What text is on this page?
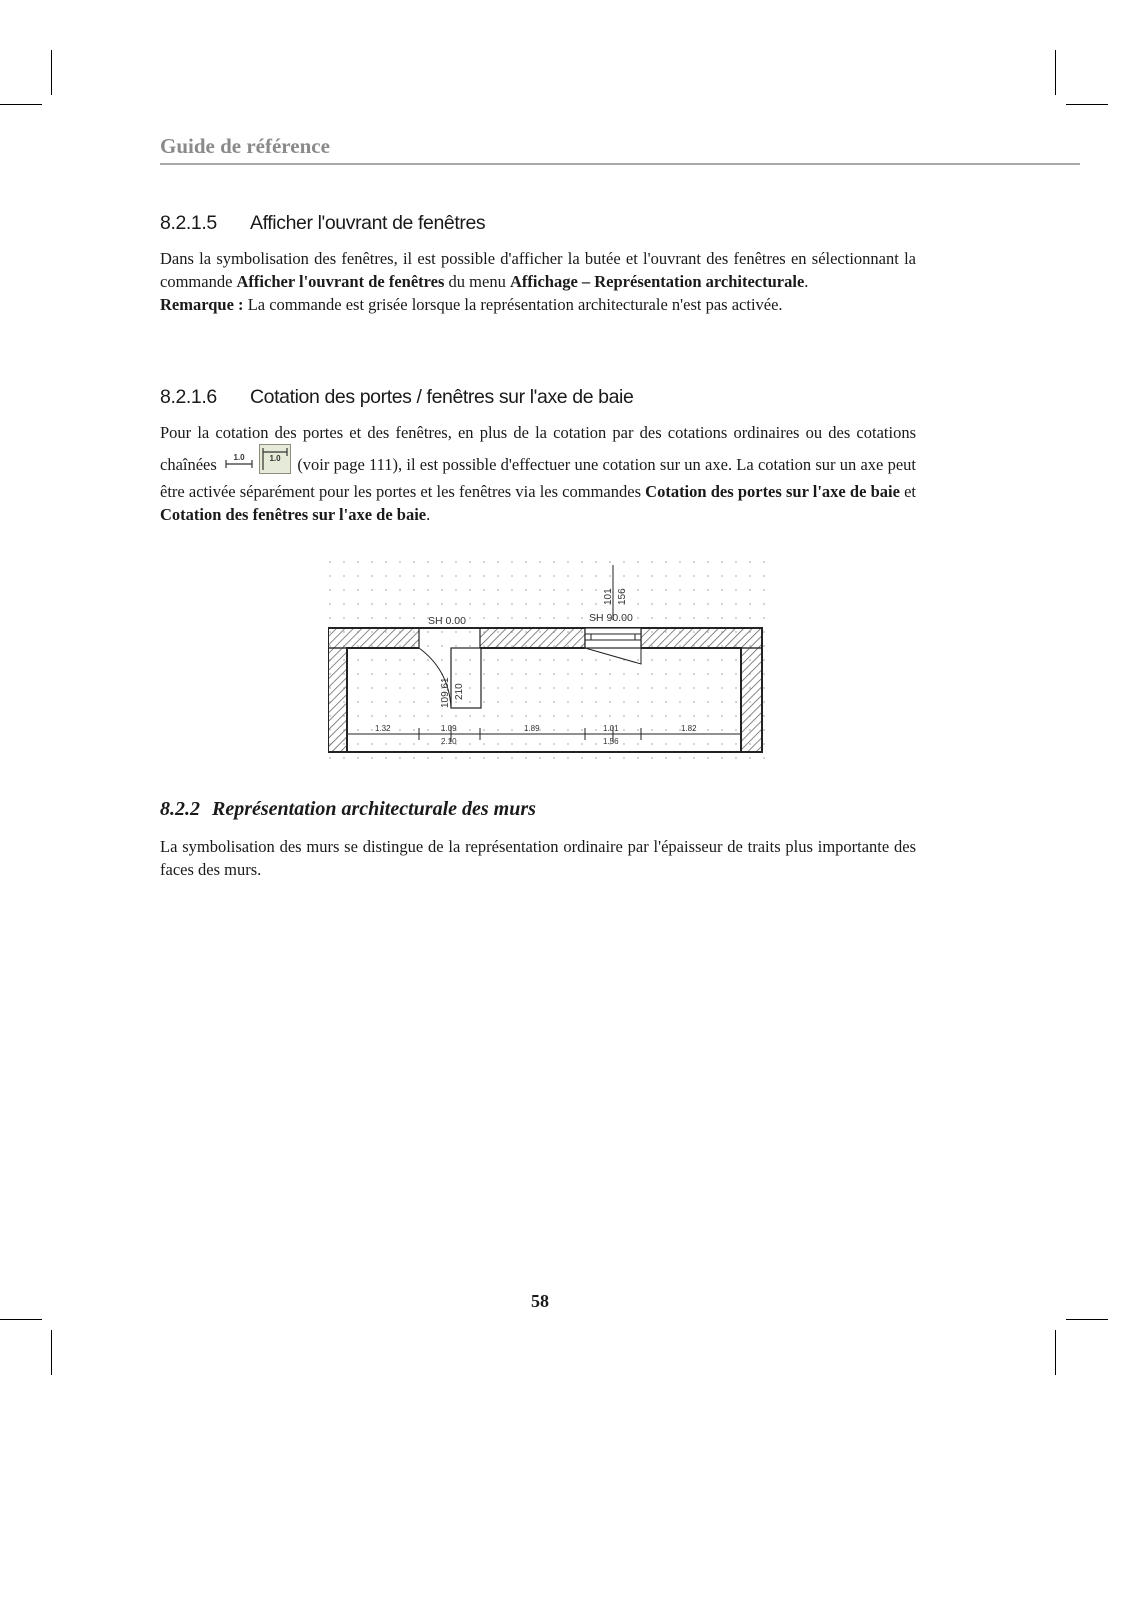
Guide de référence
8.2.1.5 Afficher l'ouvrant de fenêtres

Dans la symbolisation des fenêtres, il est possible d'afficher la butée et l'ouvrant des fenêtres en sélectionnant la commande Afficher l'ouvrant de fenêtres du menu Affichage – Représentation architecturale.
Remarque : La commande est grisée lorsque la représentation architecturale n'est pas activée.

8.2.1.6 Cotation des portes / fenêtres sur l'axe de baie

Pour la cotation des portes et des fenêtres, en plus de la cotation par des cotations ordinaires ou des cotations chaînées 1.0	1.0 (voir page 111), il est possible d'effectuer une cotation sur un axe. La cotation sur un axe peut être activée séparément pour les portes et les fenêtres via les commandes Cotation des portes sur l'axe de baie et Cotation des fenêtres sur l'axe de baie.

SH 0.00	SH 90.00
101 156
109.61 210
1.32	1.09	1.89	1.01	1.82
2.10	1.56
8.2.2 Représentation architecturale des murs

La symbolisation des murs se distingue de la représentation ordinaire par l'épaisseur de traits plus importante des faces des murs.

58
